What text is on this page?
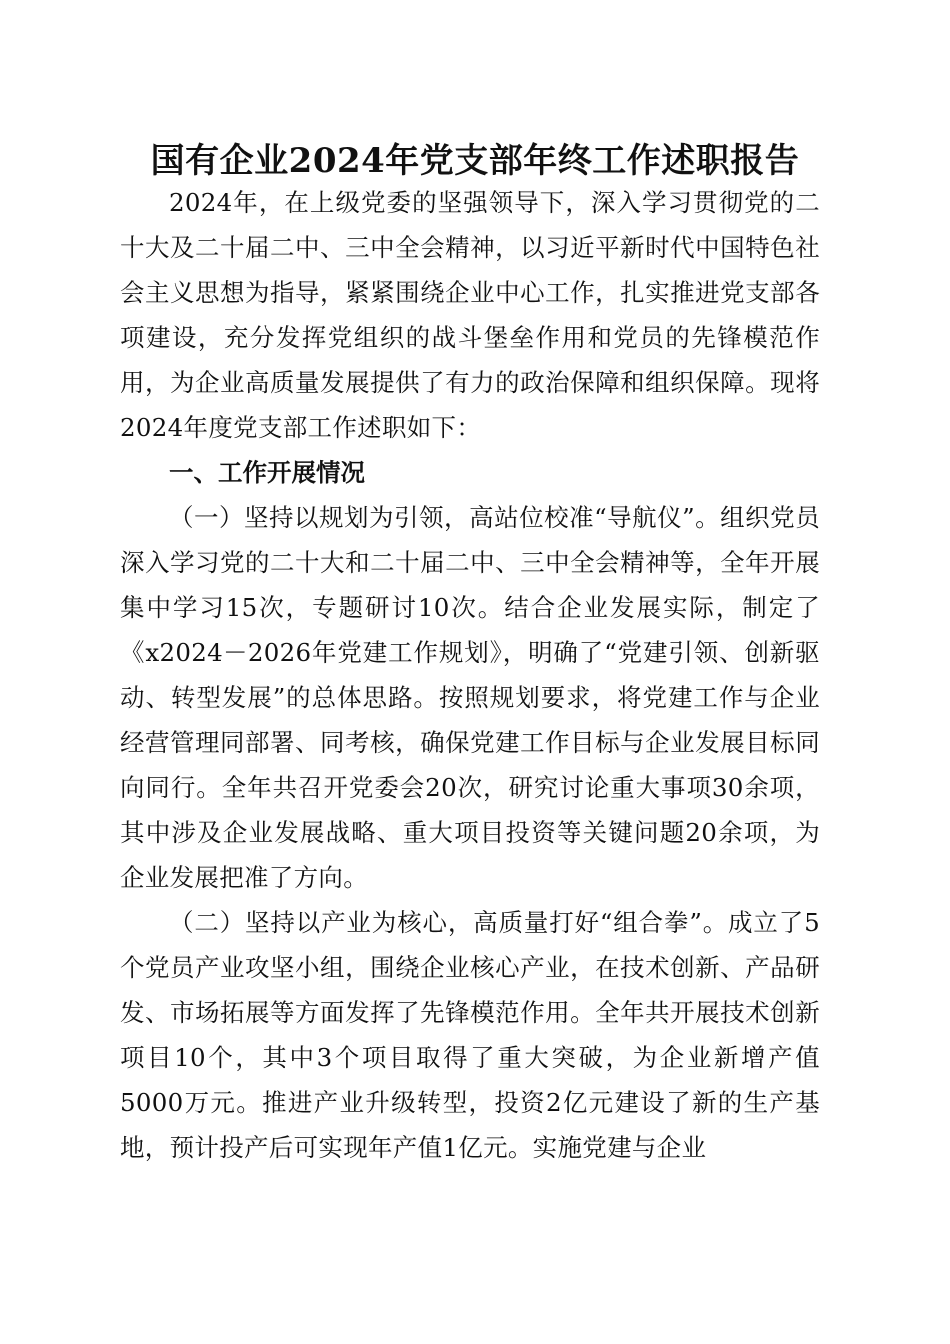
国有企业2024年党支部年终工作述职报告

2024年，在上级党委的坚强领导下，深入学习贯彻党的二十大及二十届二中、三中全会精神，以习近平新时代中国特色社会主义思想为指导，紧紧围绕企业中心工作，扎实推进党支部各项建设，充分发挥党组织的战斗堡垒作用和党员的先锋模范作用，为企业高质量发展提供了有力的政治保障和组织保障。现将2024年度党支部工作述职如下：

一、工作开展情况

（一）坚持以规划为引领，高站位校准“导航仪”。组织党员深入学习党的二十大和二十届二中、三中全会精神等，全年开展集中学习15次，专题研讨10次。结合企业发展实际，制定了《x2024－2026年党建工作规划》，明确了“党建引领、创新驱动、转型发展”的总体思路。按照规划要求，将党建工作与企业经营管理同部署、同考核，确保党建工作目标与企业发展目标同向同行。全年共召开党委会20次，研究讨论重大事项30余项，其中涉及企业发展战略、重大项目投资等关键问题20余项，为企业发展把准了方向。

（二）坚持以产业为核心，高质量打好“组合拳”。成立了5个党员产业攻坚小组，围绕企业核心产业，在技术创新、产品研发、市场拓展等方面发挥了先锋模范作用。全年共开展技术创新项目10个，其中3个项目取得了重大突破，为企业新增产值5000万元。推进产业升级转型，投资2亿元建设了新的生产基地，预计投产后可实现年产值1亿元。实施党建与企业
